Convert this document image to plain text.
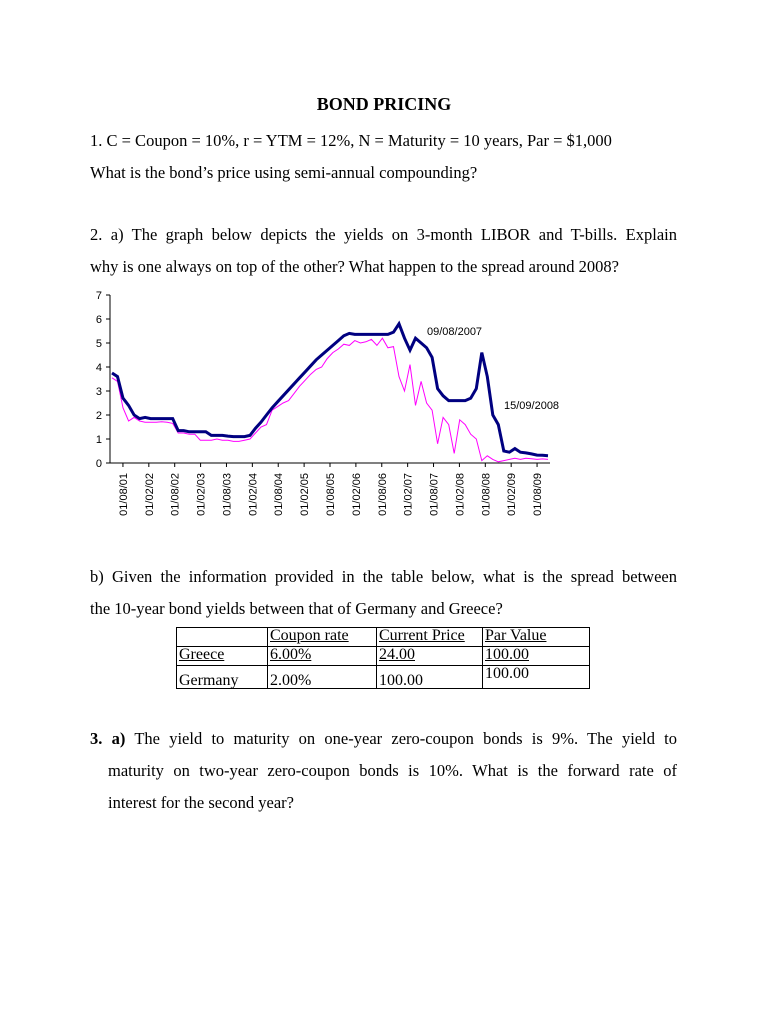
BOND PRICING
1. C = Coupon = 10%, r = YTM = 12%, N = Maturity = 10 years, Par = $1,000
What is the bond’s price using semi-annual compounding?
2. a) The graph below depicts the yields on 3-month LIBOR and T-bills. Explain
why is one always on top of the other? What happen to the spread around 2008?
0
1
2
3
4
5
6
7
01/08/01 01/02/02 01/08/02 01/02/03 01/08/03 01/02/04 01/08/04 01/02/05 01/08/05 01/02/06 01/08/06 01/02/07 01/08/07 01/02/08 01/08/08 01/02/09 01/08/09
09/08/2007
15/09/2008
b) Given the information provided in the table below, what is the spread between
the 10-year bond yields between that of Germany and Greece?
	Coupon rate	Current Price	Par Value
Greece	6.00%	24.00	100.00
Germany	2.00%	100.00	100.00
3. a) The yield to maturity on one-year zero-coupon bonds is 9%. The yield to
maturity on two-year zero-coupon bonds is 10%. What is the forward rate of
interest for the second year?
